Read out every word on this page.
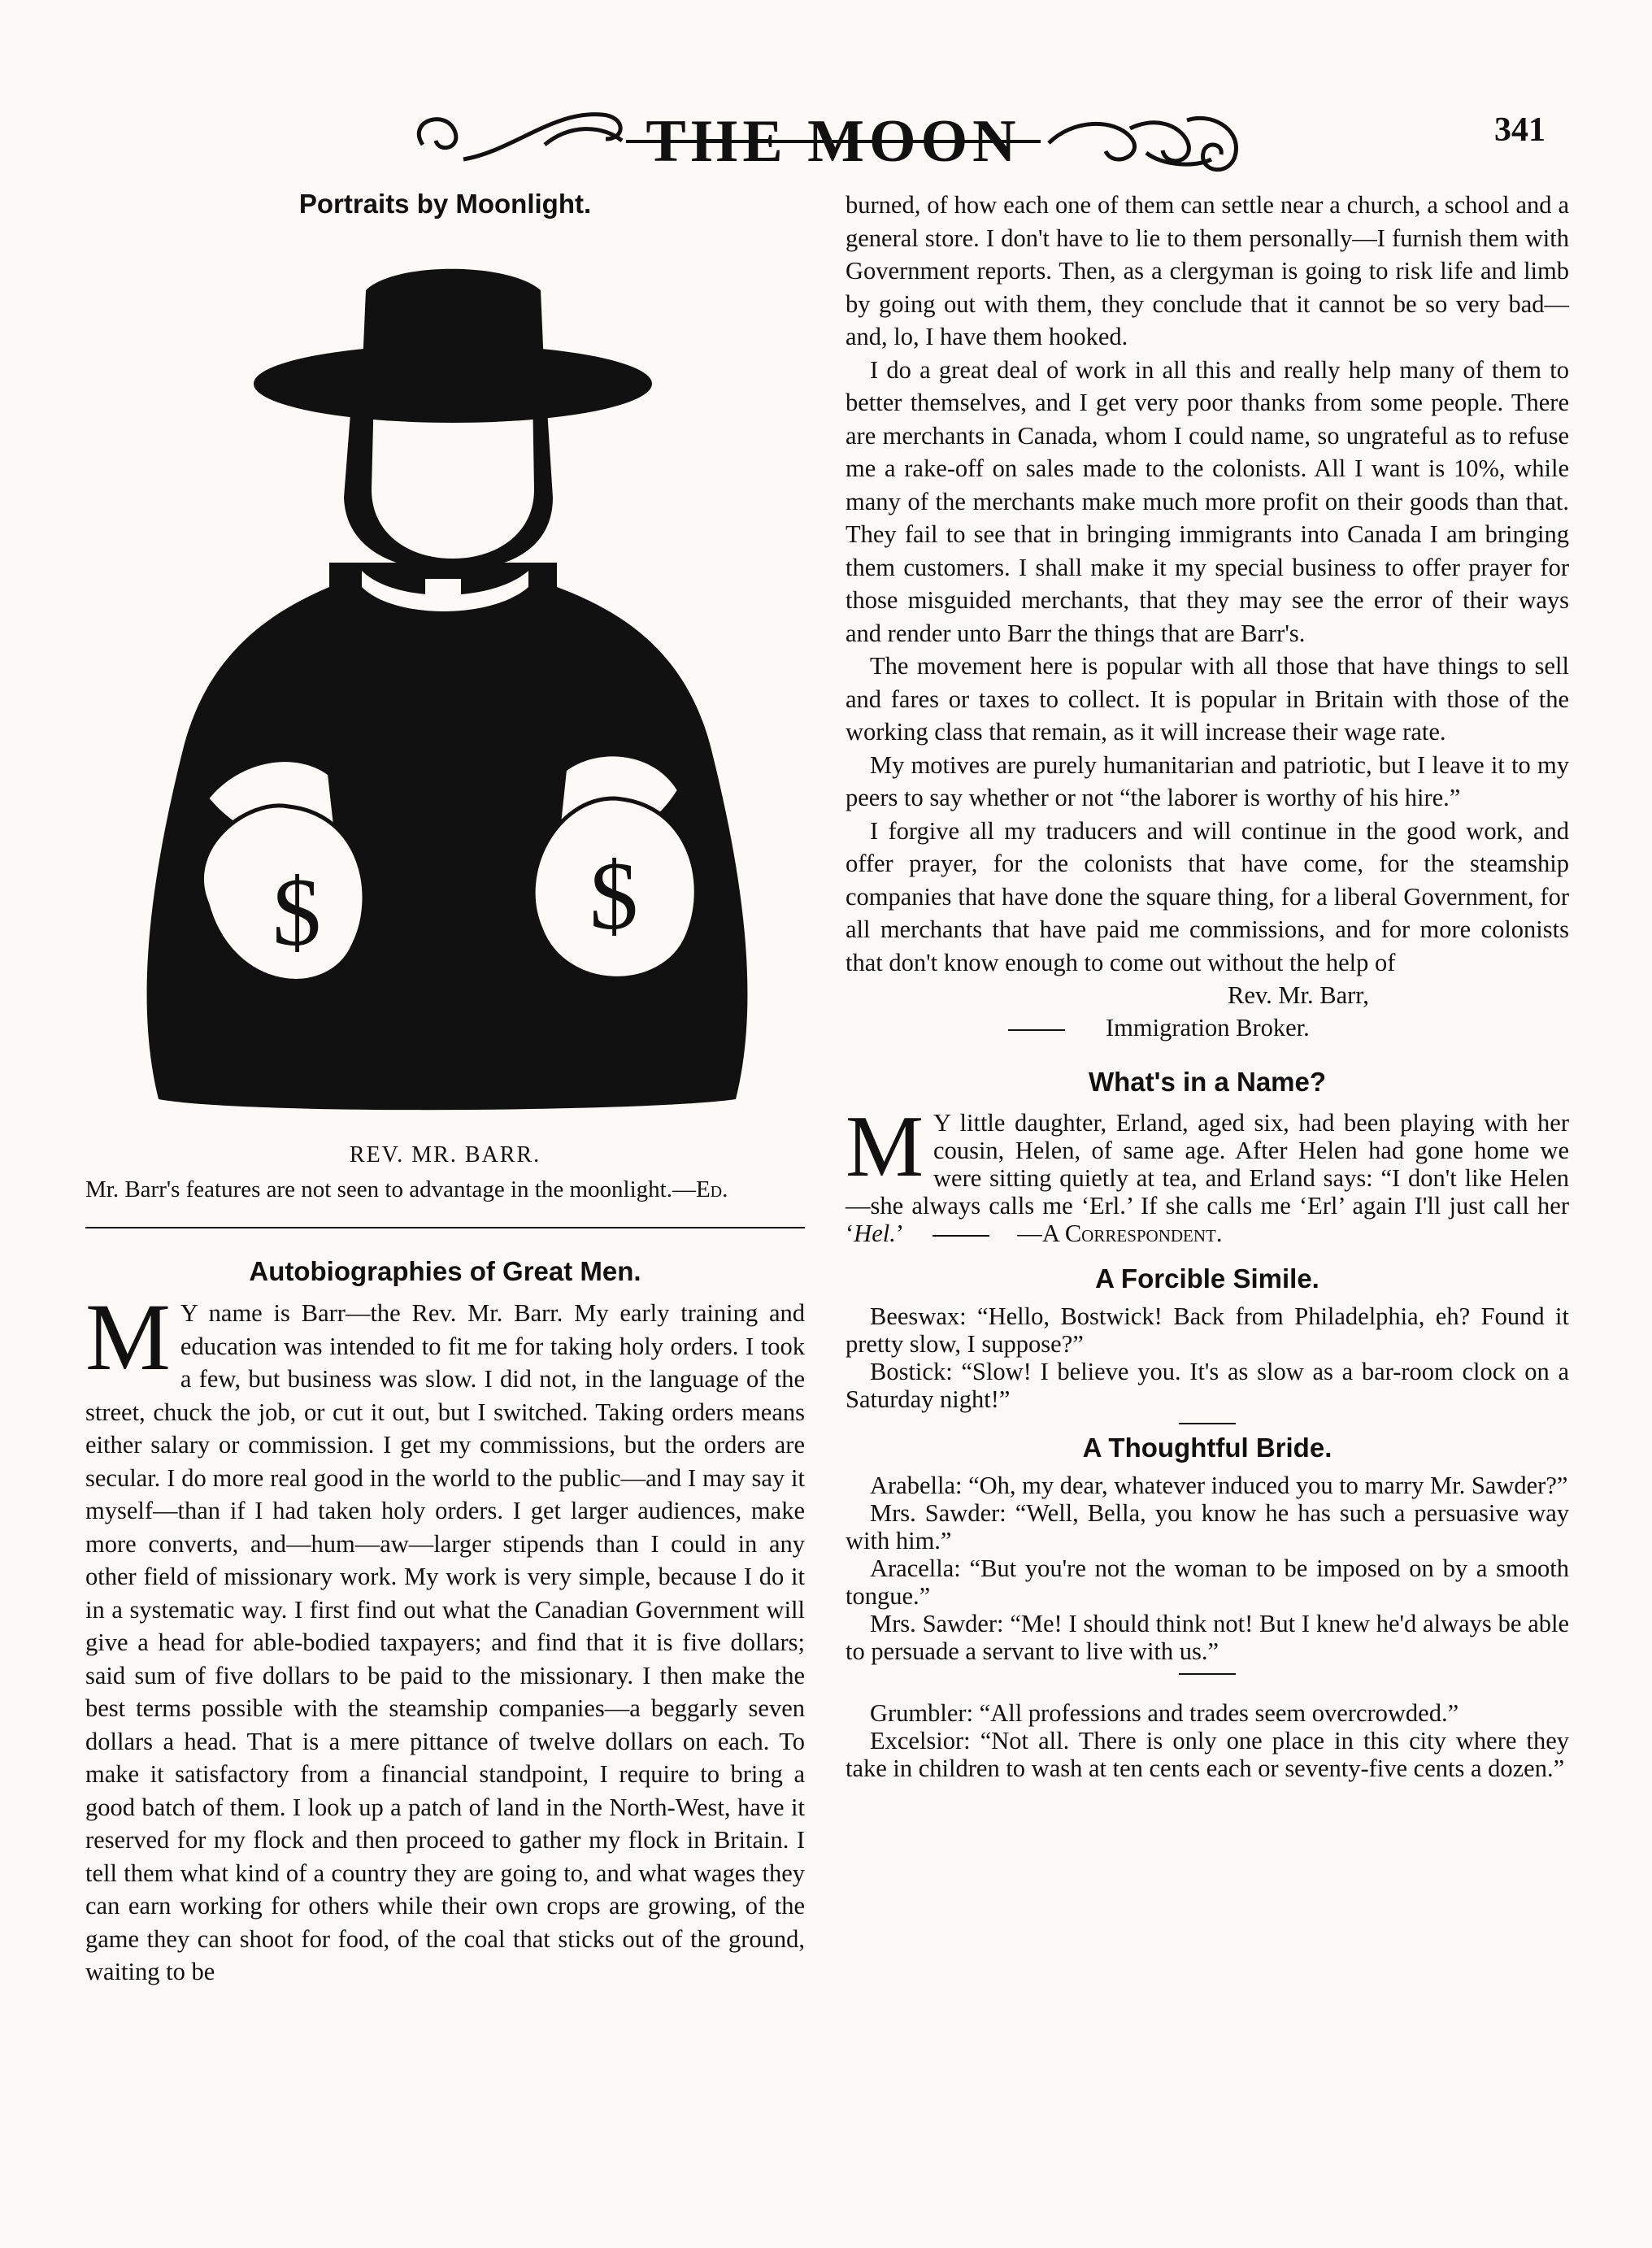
THE MOON	341

Portraits by Moonlight.

$	$
GLST.

REV. MR. BARR.

Mr. Barr's features are not seen to advantage in the moonlight.—Ed.

Autobiographies of Great Men.

M Y name is Barr—the Rev. Mr. Barr. My early training and education was intended to fit me for taking holy orders. I took a few, but business was slow. I did not, in the language of the street, chuck the job, or cut it out, but I switched. Taking orders means either salary or commission. I get my commissions, but the orders are secular. I do more real good in the world to the public—and I may say it myself—than if I had taken holy orders. I get larger audiences, make more converts, and—hum—aw—larger stipends than I could in any other field of missionary work. My work is very simple, because I do it in a systematic way. I first find out what the Canadian Government will give a head for able-bodied taxpayers; and find that it is five dollars; said sum of five dollars to be paid to the missionary. I then make the best terms possible with the steamship companies—a beggarly seven dollars a head. That is a mere pittance of twelve dollars on each. To make it satisfactory from a financial standpoint, I require to bring a good batch of them. I look up a patch of land in the North-West, have it reserved for my flock and then proceed to gather my flock in Britain. I tell them what kind of a country they are going to, and what wages they can earn working for others while their own crops are growing, of the game they can shoot for food, of the coal that sticks out of the ground, waiting to be

burned, of how each one of them can settle near a church, a school and a general store. I don't have to lie to them personally—I furnish them with Government reports. Then, as a clergyman is going to risk life and limb by going out with them, they conclude that it cannot be so very bad—and, lo, I have them hooked.

I do a great deal of work in all this and really help many of them to better themselves, and I get very poor thanks from some people. There are merchants in Canada, whom I could name, so ungrateful as to refuse me a rake-off on sales made to the colonists. All I want is 10%, while many of the merchants make much more profit on their goods than that. They fail to see that in bringing immigrants into Canada I am bringing them customers. I shall make it my special business to offer prayer for those misguided merchants, that they may see the error of their ways and render unto Barr the things that are Barr's.

The movement here is popular with all those that have things to sell and fares or taxes to collect. It is popular in Britain with those of the working class that remain, as it will increase their wage rate.

My motives are purely humanitarian and patriotic, but I leave it to my peers to say whether or not “the laborer is worthy of his hire.”

I forgive all my traducers and will continue in the good work, and offer prayer, for the colonists that have come, for the steamship companies that have done the square thing, for a liberal Government, for all merchants that have paid me commissions, and for more colonists that don't know enough to come out without the help of

Rev. Mr. Barr,

Immigration Broker.

What's in a Name?

M Y little daughter, Erland, aged six, had been playing with her cousin, Helen, of same age. After Helen had gone home we were sitting quietly at tea, and Erland says: “I don't like Helen—she always calls me ‘Erl.’ If she calls me ‘Erl’ again I'll just call her ‘Hel.’	—A Correspondent.

A Forcible Simile.

Beeswax: “Hello, Bostwick! Back from Philadelphia, eh? Found it pretty slow, I suppose?”

Bostick: “Slow! I believe you. It's as slow as a bar-room clock on a Saturday night!”

A Thoughtful Bride.

Arabella: “Oh, my dear, whatever induced you to marry Mr. Sawder?”

Mrs. Sawder: “Well, Bella, you know he has such a persuasive way with him.”

Aracella: “But you're not the woman to be imposed on by a smooth tongue.”

Mrs. Sawder: “Me! I should think not! But I knew he'd always be able to persuade a servant to live with us.”

Grumbler: “All professions and trades seem overcrowded.”

Excelsior: “Not all. There is only one place in this city where they take in children to wash at ten cents each or seventy-five cents a dozen.”
